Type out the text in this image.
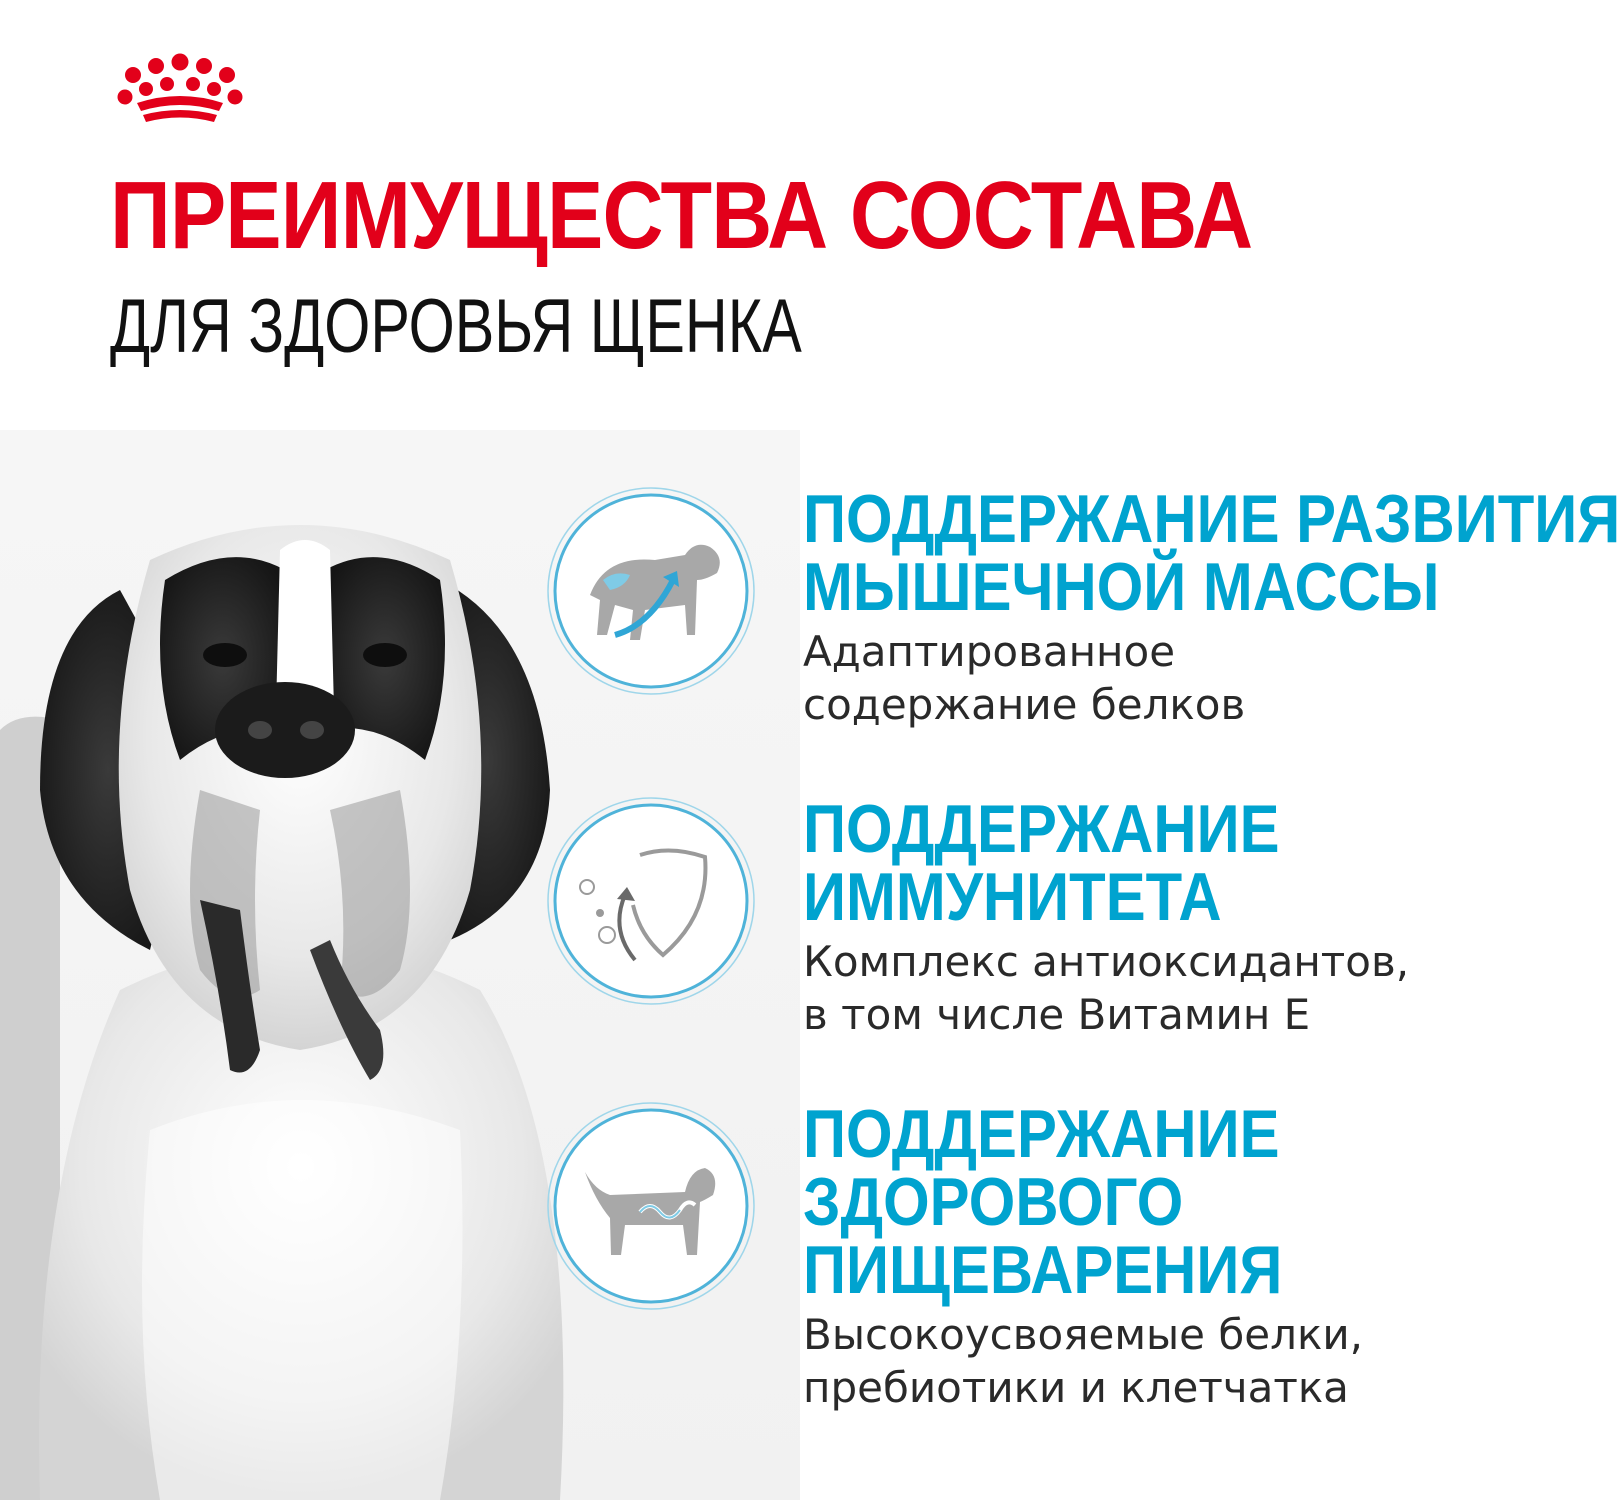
ПРЕИМУЩЕСТВА СОСТАВА
ДЛЯ ЗДОРОВЬЯ ЩЕНКА

ПОДДЕРЖАНИЕ РАЗВИТИЯ

МЫШЕЧНОЙ МАССЫ

Адаптированное

содержание белков

ПОДДЕРЖАНИЕ

ИММУНИТЕТА

Комплекс антиоксидантов,

в том числе Витамин Е

ПОДДЕРЖАНИЕ

ЗДОРОВОГО

ПИЩЕВАРЕНИЯ

Высокоусвояемые белки,

пребиотики и клетчатка
